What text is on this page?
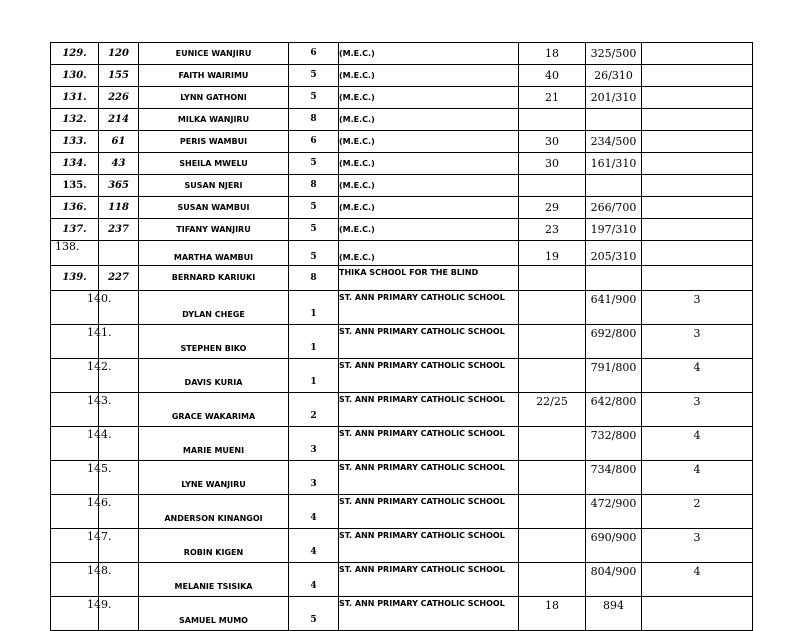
129.	120	EUNICE WANJIRU	6	(M.E.C.)	18	325/500	
130.	155	FAITH WAIRIMU	5	(M.E.C.)	40	26/310	
131.	226	LYNN GATHONI	5	(M.E.C.)	21	201/310	
132.	214	MILKA WANJIRU	8	(M.E.C.)			
133.	61	PERIS WAMBUI	6	(M.E.C.)	30	234/500	
134.	43	SHEILA MWELU	5	(M.E.C.)	30	161/310	
135.	365	SUSAN NJERI	8	(M.E.C.)			
136.	118	SUSAN WAMBUI	5	(M.E.C.)	29	266/700	
137.	237	TIFANY WANJIRU	5	(M.E.C.)	23	197/310	
138.		MARTHA WAMBUI	5	(M.E.C.)	19	205/310	
139.	227	BERNARD KARIUKI	8	THIKA SCHOOL FOR THE BLIND			
140.		DYLAN CHEGE	1	ST. ANN PRIMARY CATHOLIC SCHOOL		641/900	3
141.		STEPHEN BIKO	1	ST. ANN PRIMARY CATHOLIC SCHOOL		692/800	3
142.		DAVIS KURIA	1	ST. ANN PRIMARY CATHOLIC SCHOOL		791/800	4
143.		GRACE WAKARIMA	2	ST. ANN PRIMARY CATHOLIC SCHOOL	22/25	642/800	3
144.		MARIE MUENI	3	ST. ANN PRIMARY CATHOLIC SCHOOL		732/800	4
145.		LYNE WANJIRU	3	ST. ANN PRIMARY CATHOLIC SCHOOL		734/800	4
146.		ANDERSON KINANGOI	4	ST. ANN PRIMARY CATHOLIC SCHOOL		472/900	2
147.		ROBIN KIGEN	4	ST. ANN PRIMARY CATHOLIC SCHOOL		690/900	3
148.		MELANIE TSISIKA	4	ST. ANN PRIMARY CATHOLIC SCHOOL		804/900	4
149.		SAMUEL MUMO	5	ST. ANN PRIMARY CATHOLIC SCHOOL	18	894	
